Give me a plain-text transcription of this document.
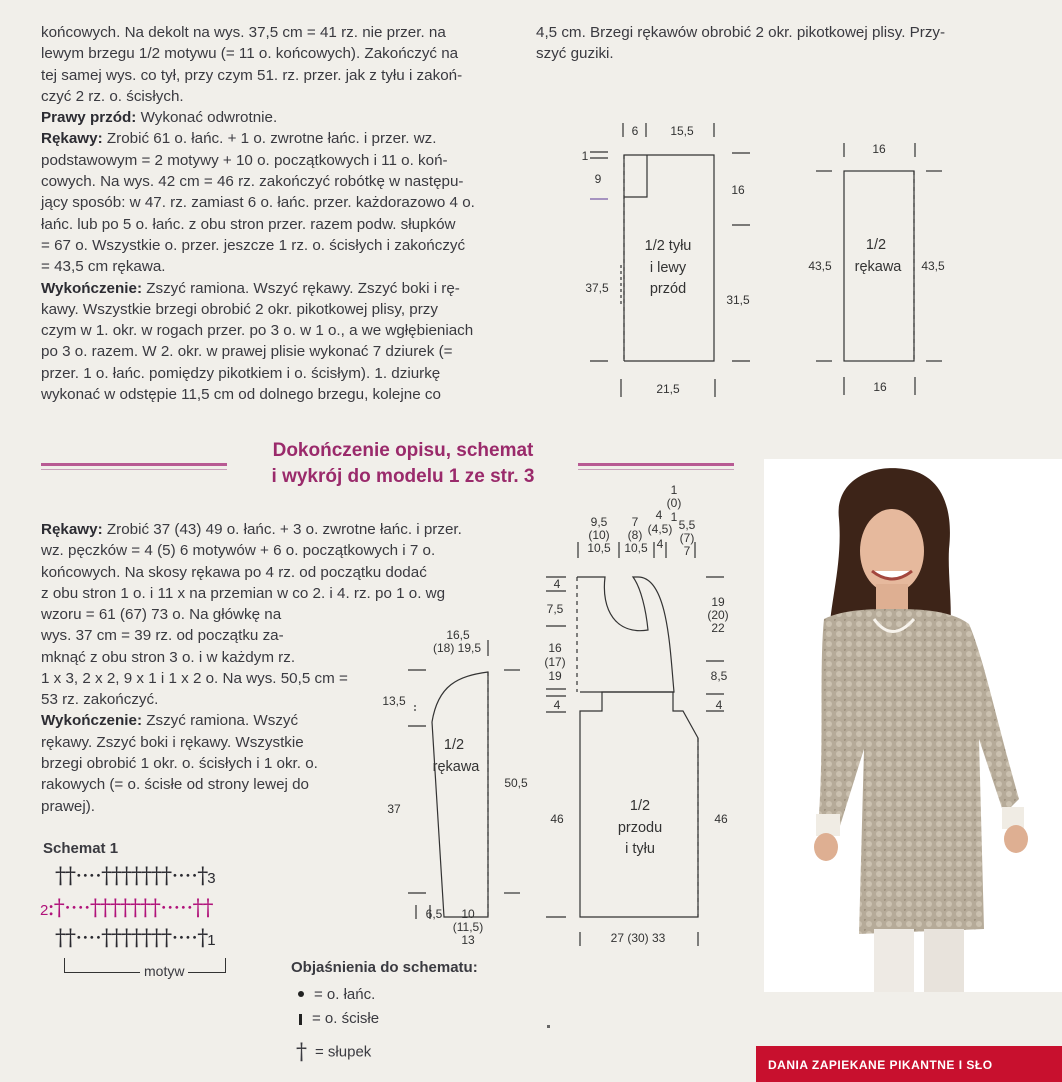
końcowych. Na dekolt na wys. 37,5 cm = 41 rz. nie przer. na
lewym brzegu 1/2 motywu (= 11 o. końcowych). Zakończyć na
tej samej wys. co tył, przy czym 51. rz. przer. jak z tyłu i zakoń-
czyć 2 rz. o. ścisłych.
Prawy przód: Wykonać odwrotnie.
Rękawy: Zrobić 61 o. łańc. + 1 o. zwrotne łańc. i przer. wz.
podstawowym = 2 motywy + 10 o. początkowych i 11 o. koń-
cowych. Na wys. 42 cm = 46 rz. zakończyć robótkę w następu-
jący sposób: w 47. rz. zamiast 6 o. łańc. przer. każdorazowo 4 o.
łańc. lub po 5 o. łańc. z obu stron przer. razem podw. słupków
= 67 o. Wszystkie o. przer. jeszcze 1 rz. o. ścisłych i zakończyć
= 43,5 cm rękawa.
Wykończenie: Zszyć ramiona. Wszyć rękawy. Zszyć boki i rę-
kawy. Wszystkie brzegi obrobić 2 okr. pikotkowej plisy, przy
czym w 1. okr. w rogach przer. po 3 o. w 1 o., a we wgłębieniach
po 3 o. razem. W 2. okr. w prawej plisie wykonać 7 dziurek (=
przer. 1 o. łańc. pomiędzy pikotkiem i o. ścisłym). 1. dziurkę
wykonać w odstępie 11,5 cm od dolnego brzegu, kolejne co
4,5 cm. Brzegi rękawów obrobić 2 okr. pikotkowej plisy. Przy-
szyć guziki.
6	15,5
1
9
37,5
16
31,5
21,5
1/2 tyłu
i lewy
przód
16
43,5	43,5
16
1/2
rękawa
Dokończenie opisu, schemat
i wykrój do modelu 1 ze str. 3
Rękawy: Zrobić 37 (43) 49 o. łańc. + 3 o. zwrotne łańc. i przer.
wz. pęczków = 4 (5) 6 motywów + 6 o. początkowych i 7 o.
końcowych. Na skosy rękawa po 4 rz. od początku dodać
z obu stron 1 o. i 11 x na przemian w co 2. i 4. rz. po 1 o. wg
wzoru = 61 (67) 73 o. Na główkę na
wys. 37 cm = 39 rz. od początku za-
mknąć z obu stron 3 o. i w każdym rz.
1 x 3, 2 x 2, 9 x 1 i 1 x 2 o. Na wys. 50,5 cm =
53 rz. zakończyć.
Wykończenie: Zszyć ramiona. Wszyć
rękawy. Zszyć boki i rękawy. Wszystkie
brzegi obrobić 1 okr. o. ścisłych i 1 okr. o.
rakowych (= o. ścisłe od strony lewej do
prawej).
Schemat 1
††⋅⋅⋅⋅†††††††⋅⋅⋅⋅†3
2:†⋅⋅⋅⋅†††††††⋅⋅⋅⋅⋅††
††⋅⋅⋅⋅†††††††⋅⋅⋅⋅†1
motyw	Objaśnienia do schematu:
= o. łańc.
= o. ścisłe
† = słupek
16,5
(18) 19,5
13,5
37
50,5
6,5 10
(11,5)
13
1/2
rękawa
1
(0)
4 1
(4,5) 5,5
(7)
7
9,5
(10)
10,5
7
(8)
10,5 4
4
7,5
16
(17)
19
4
46
19
(20)
22
8,5
4
46
27 (30) 33
1/2
przodu
i tyłu
DANIA ZAPIEKANE PIKANTNE I SŁO
